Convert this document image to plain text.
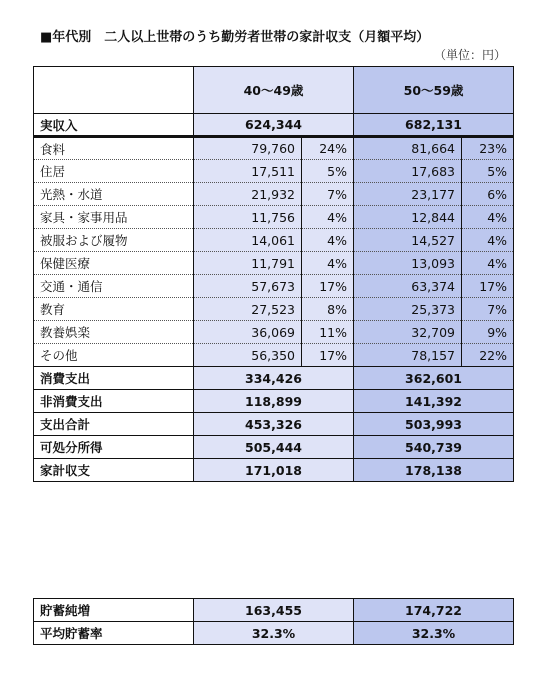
■年代別　二人以上世帯のうち勤労者世帯の家計収支（月額平均）
（単位：円）
	40〜49歳		50〜59歳	
実収入	624,344		682,131	
食料	79,760	24%	81,664	23%
住居	17,511	5%	17,683	5%
光熱・水道	21,932	7%	23,177	6%
家具・家事用品	11,756	4%	12,844	4%
被服および履物	14,061	4%	14,527	4%
保健医療	11,791	4%	13,093	4%
交通・通信	57,673	17%	63,374	17%
教育	27,523	8%	25,373	7%
教養娯楽	36,069	11%	32,709	9%
その他	56,350	17%	78,157	22%
消費支出	334,426		362,601	
非消費支出	118,899		141,392	
支出合計	453,326		503,993	
可処分所得	505,444		540,739	
家計収支	171,018		178,138	
貯蓄純増	163,455	174,722
平均貯蓄率	32.3%	32.3%
